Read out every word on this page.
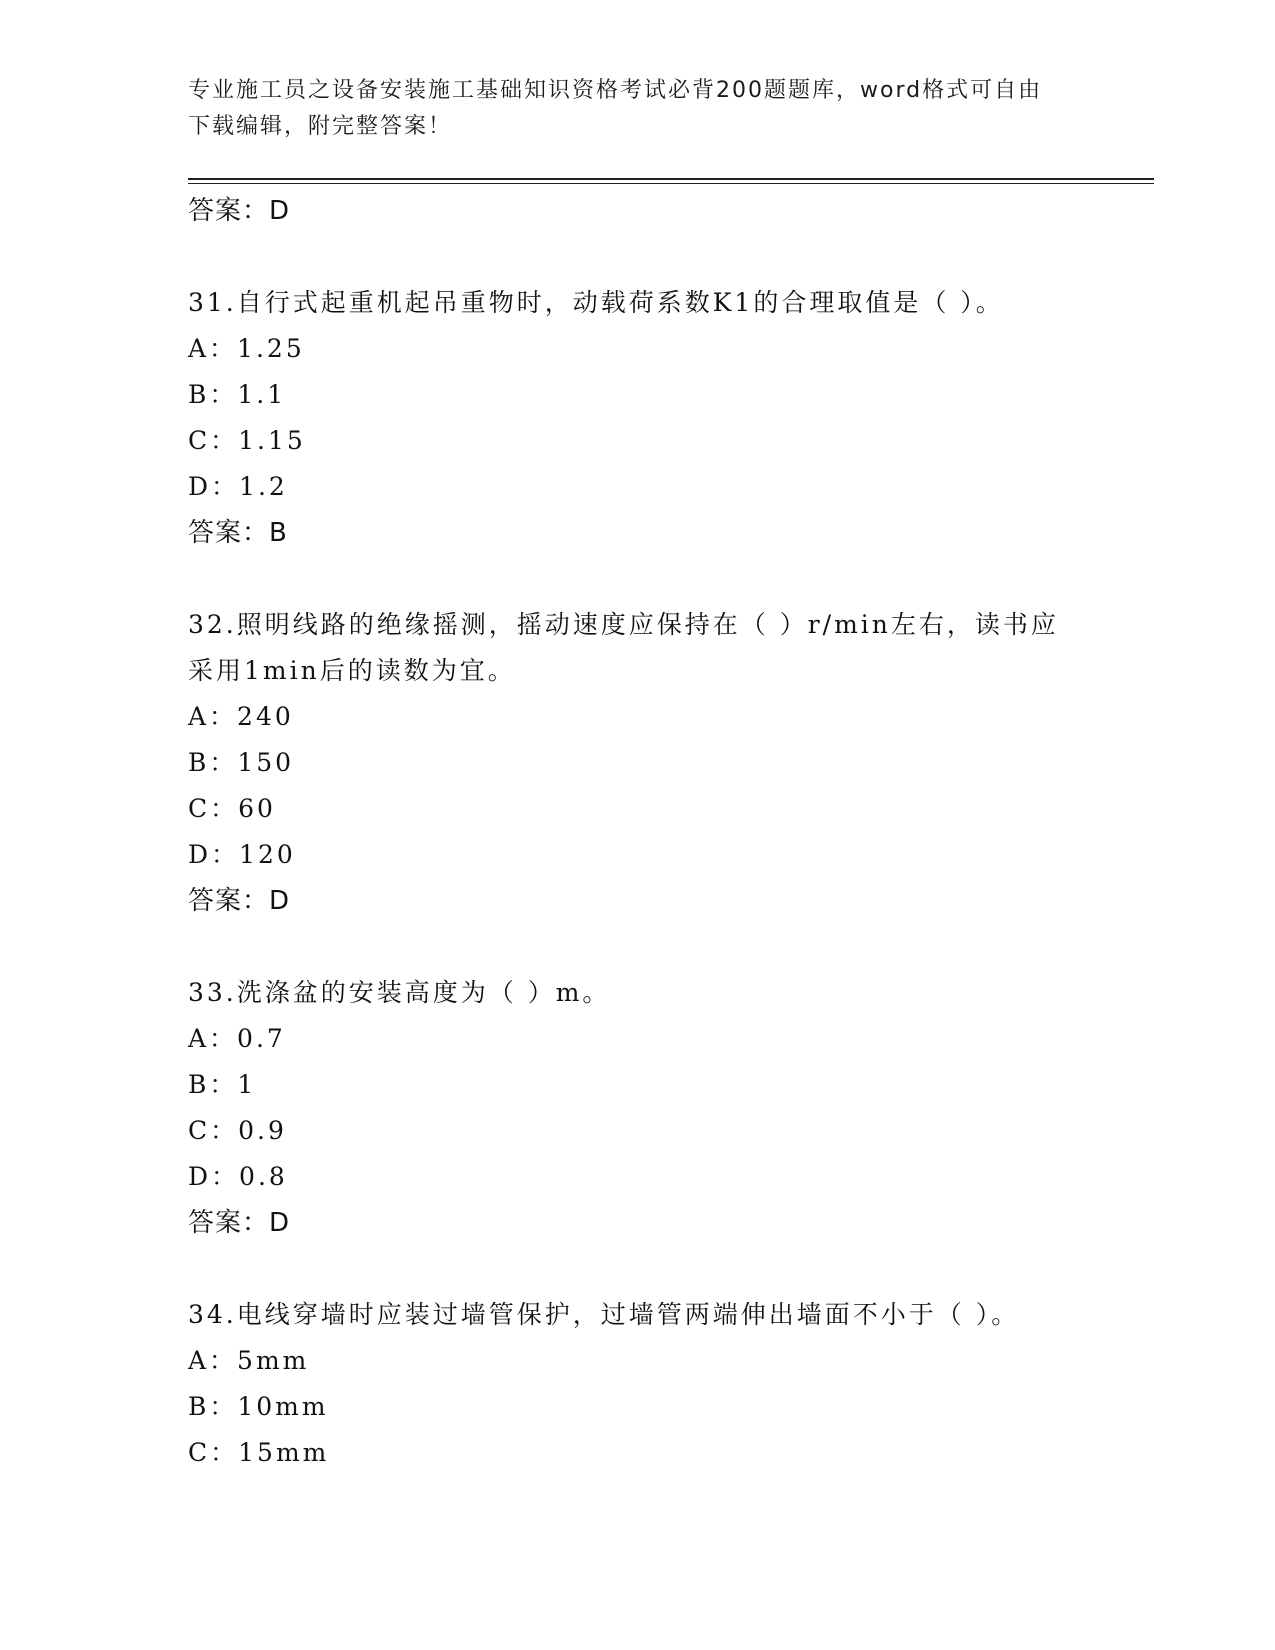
专业施工员之设备安装施工基础知识资格考试必背200题题库，word格式可自由
下载编辑，附完整答案！
答案：D
31.自行式起重机起吊重物时，动载荷系数K1的合理取值是（ ）。
A：1.25
B：1.1
C：1.15
D：1.2
答案：B
32.照明线路的绝缘摇测，摇动速度应保持在（ ）r/min左右，读书应
采用1min后的读数为宜。
A：240
B：150
C：60
D：120
答案：D
33.洗涤盆的安装高度为（ ）m。
A：0.7
B：1
C：0.9
D：0.8
答案：D
34.电线穿墙时应装过墙管保护，过墙管两端伸出墙面不小于（ ）。
A：5mm
B：10mm
C：15mm
